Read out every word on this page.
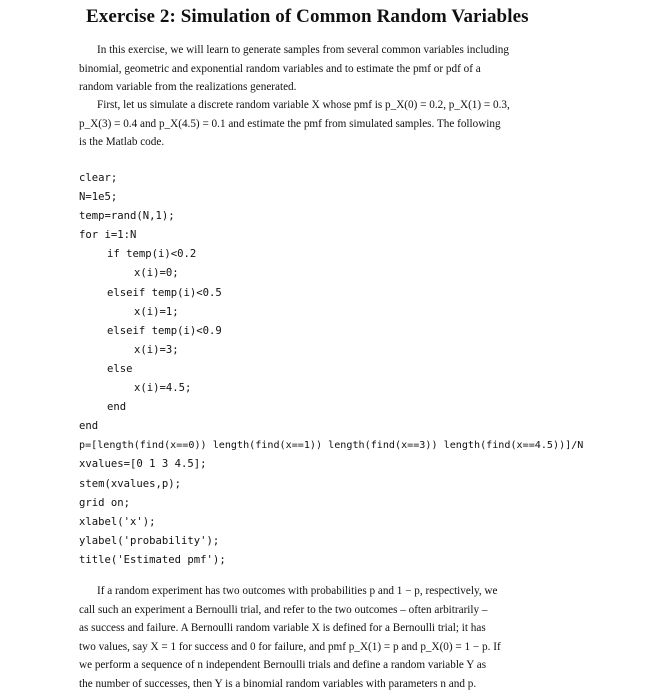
Exercise 2: Simulation of Common Random Variables

In this exercise, we will learn to generate samples from several common variables including
binomial, geometric and exponential random variables and to estimate the pmf or pdf of a
random variable from the realizations generated.

First, let us simulate a discrete random variable X whose pmf is p_X(0) = 0.2, p_X(1) = 0.3,
p_X(3) = 0.4 and p_X(4.5) = 0.1 and estimate the pmf from simulated samples. The following
is the Matlab code.

clear;
N=1e5;
temp=rand(N,1);
for i=1:N
if temp(i)<0.2
x(i)=0;
elseif temp(i)<0.5
x(i)=1;
elseif temp(i)<0.9
x(i)=3;
else
x(i)=4.5;
end
end
p=[length(find(x==0)) length(find(x==1)) length(find(x==3)) length(find(x==4.5))]/N
xvalues=[0 1 3 4.5];
stem(xvalues,p);
grid on;
xlabel('x');
ylabel('probability');
title('Estimated pmf');

If a random experiment has two outcomes with probabilities p and 1 − p, respectively, we
call such an experiment a Bernoulli trial, and refer to the two outcomes – often arbitrarily –
as success and failure. A Bernoulli random variable X is defined for a Bernoulli trial; it has
two values, say X = 1 for success and 0 for failure, and pmf p_X(1) = p and p_X(0) = 1 − p. If
we perform a sequence of n independent Bernoulli trials and define a random variable Y as
the number of successes, then Y is a binomial random variables with parameters n and p.
